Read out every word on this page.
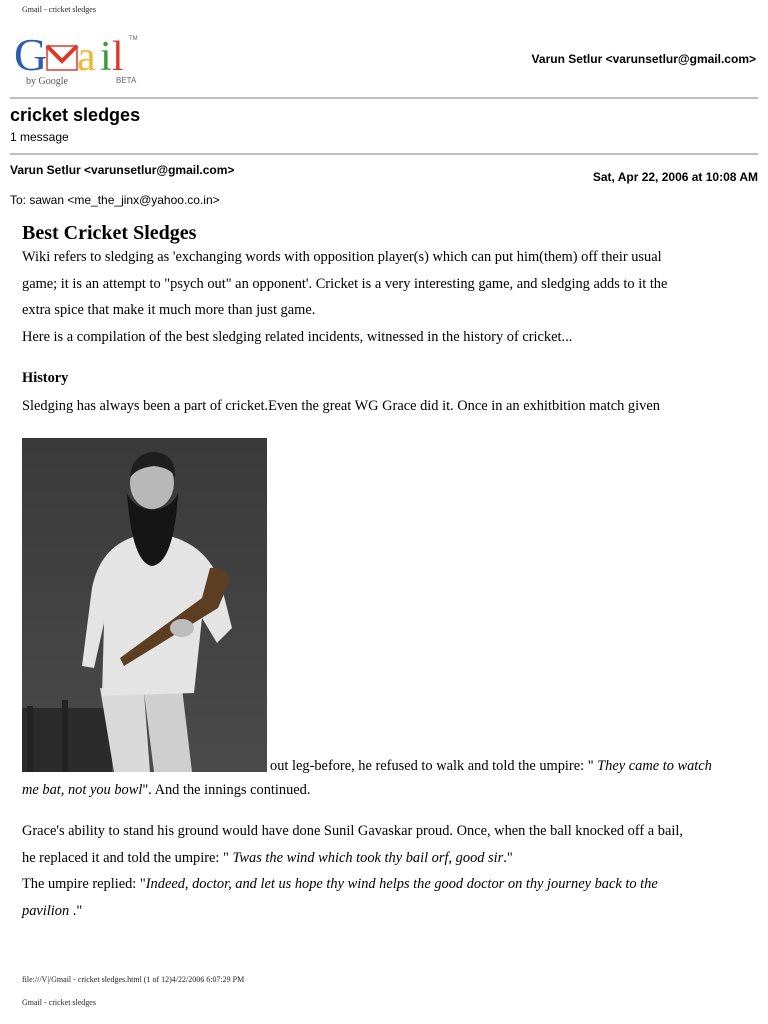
Gmail - cricket sledges
G a i l TM
by Google	BETA
Varun Setlur <varunsetlur@gmail.com>
cricket sledges
1 message
Varun Setlur <varunsetlur@gmail.com>	Sat, Apr 22, 2006 at 10:08 AM
To: sawan <me_the_jinx@yahoo.co.in>
Best Cricket Sledges
Wiki refers to sledging as 'exchanging words with opposition player(s) which can put him(them) off their usual
game; it is an attempt to "psych out" an opponent'. Cricket is a very interesting game, and sledging adds to it the
extra spice that make it much more than just game.
Here is a compilation of the best sledging related incidents, witnessed in the history of cricket...
History
Sledging has always been a part of cricket.Even the great WG Grace did it. Once in an exhitbition match given
out leg-before, he refused to walk and told the umpire: " They came to watch
me bat, not you bowl". And the innings continued.
Grace's ability to stand his ground would have done Sunil Gavaskar proud. Once, when the ball knocked off a bail,
he replaced it and told the umpire: " Twas the wind which took thy bail orf, good sir."
The umpire replied: "Indeed, doctor, and let us hope thy wind helps the good doctor on thy journey back to the
pavilion ."
file:///V|/Gmail - cricket sledges.html (1 of 12)4/22/2006 6:07:29 PM
Gmail - cricket sledges
